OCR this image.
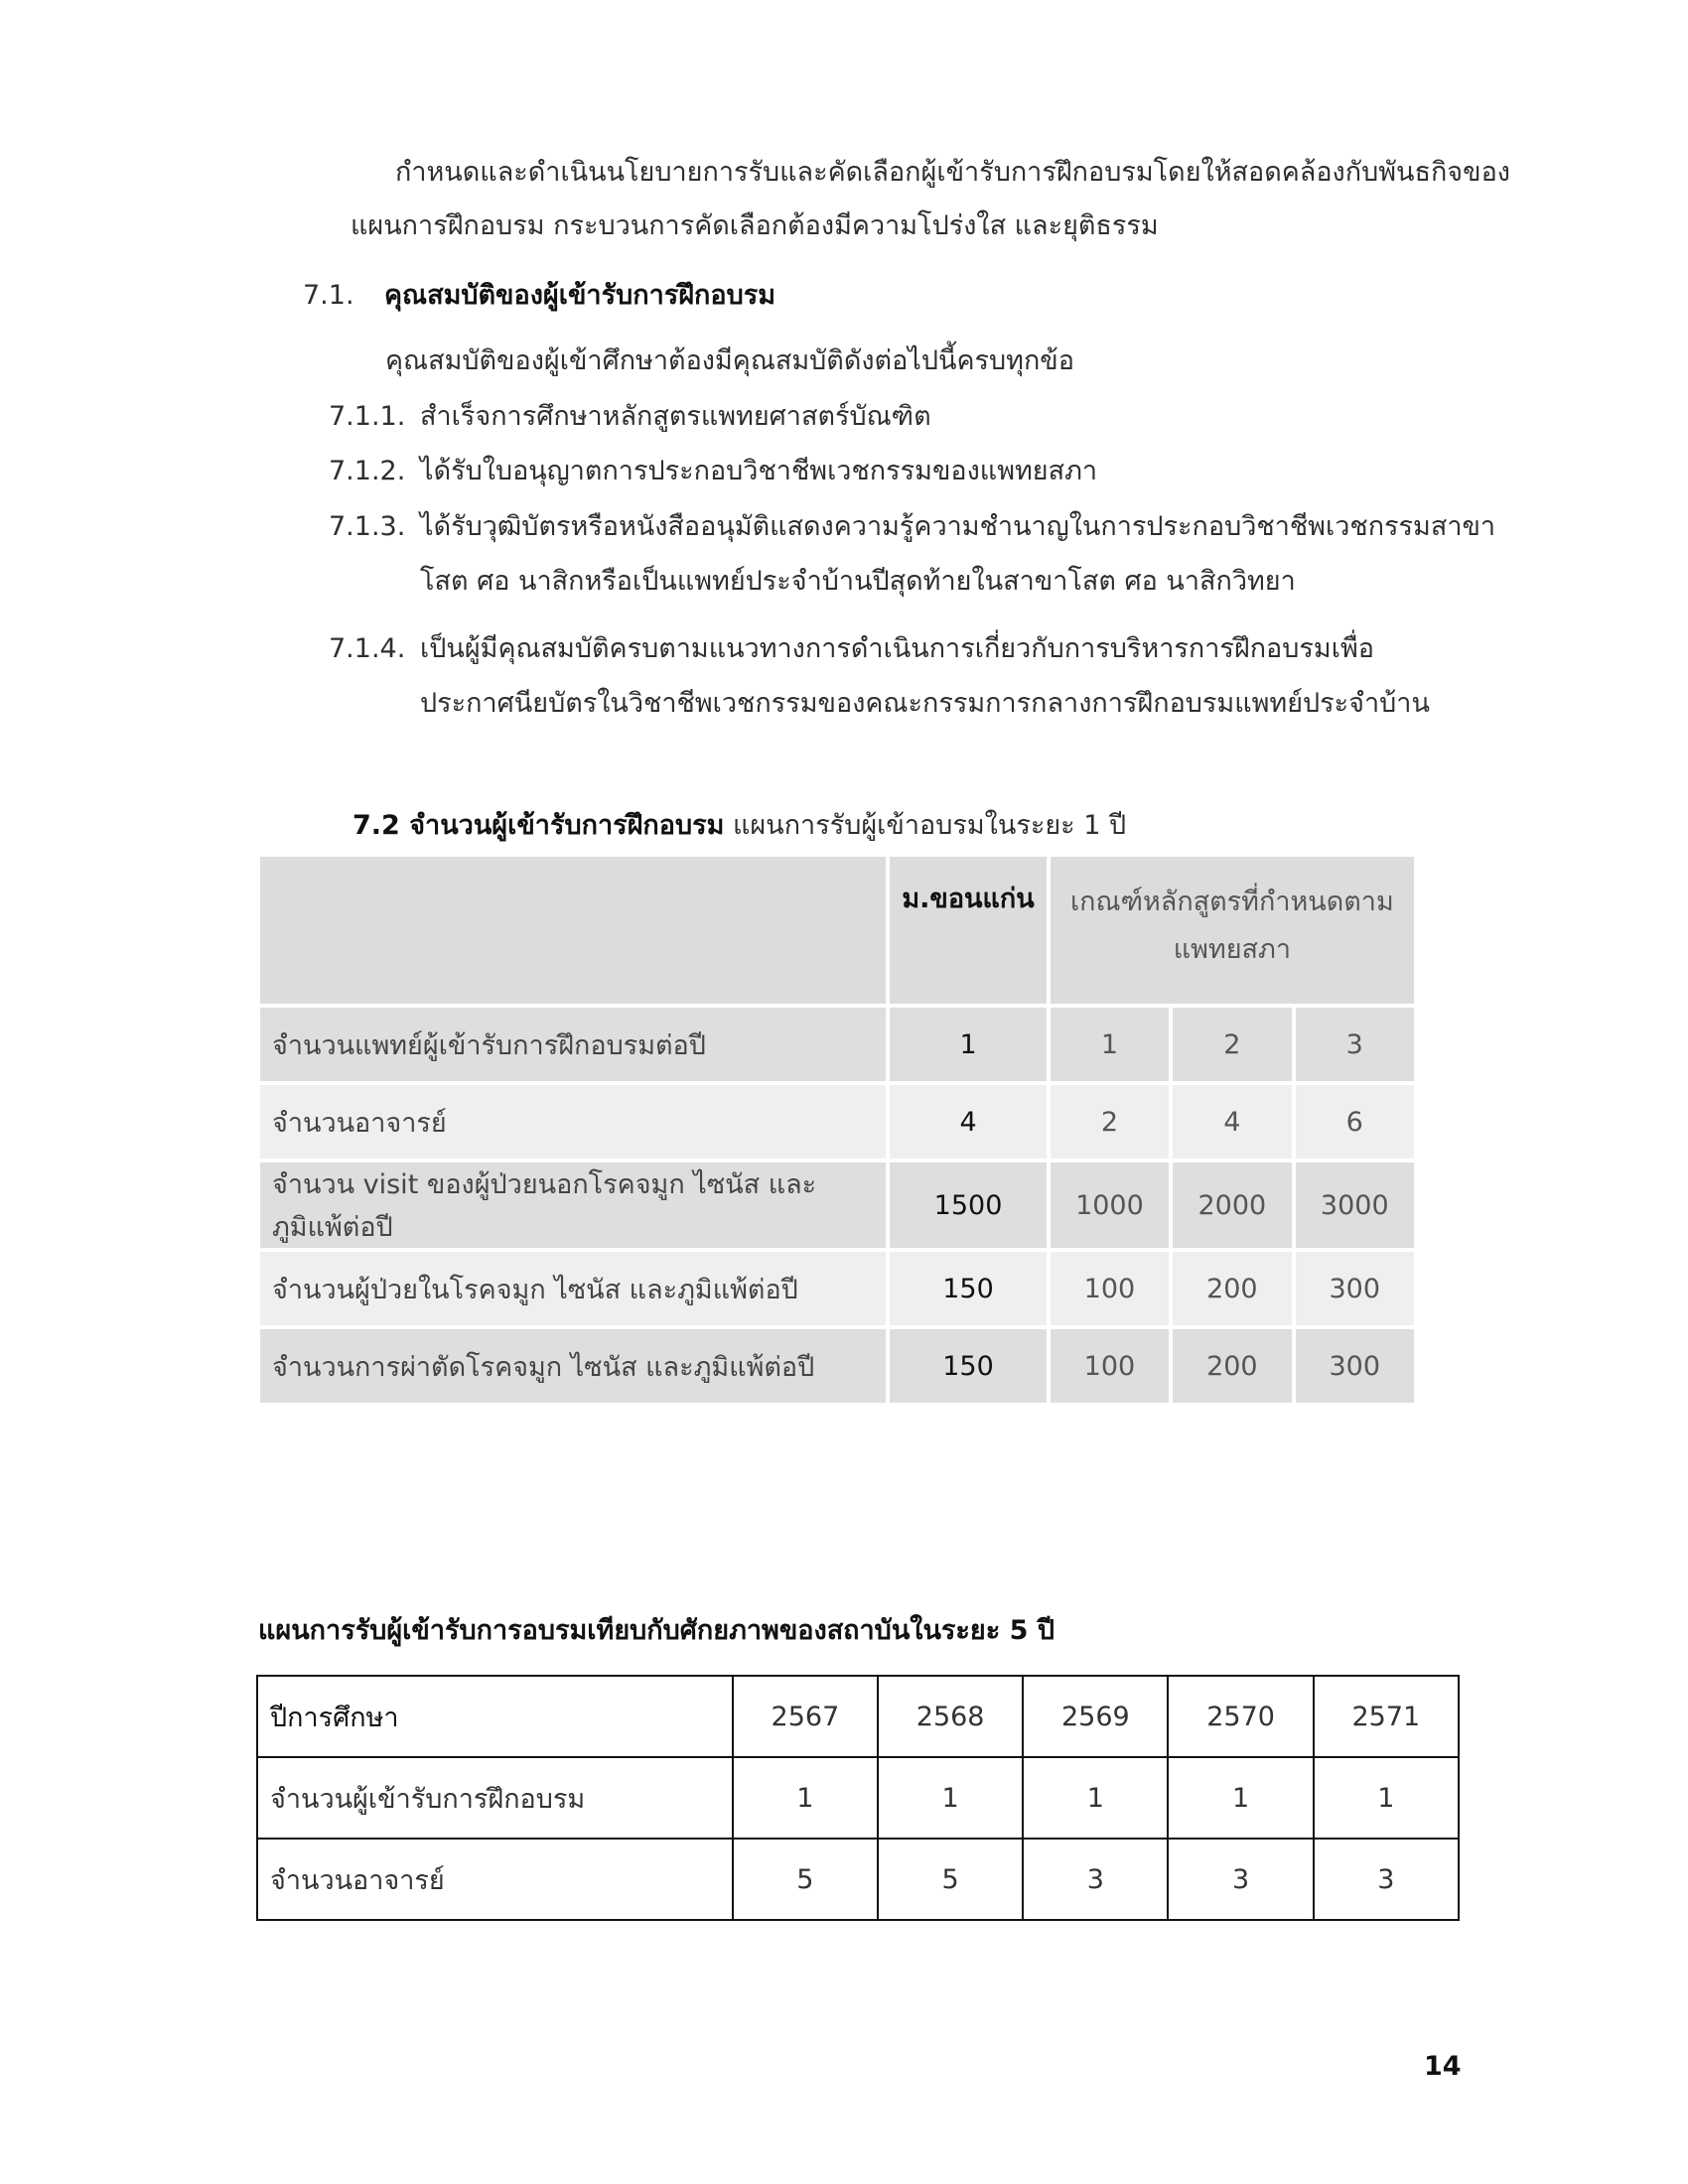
กำหนดและดำเนินนโยบายการรับและคัดเลือกผู้เข้ารับการฝึกอบรมโดยให้สอดคล้องกับพันธกิจของ
แผนการฝึกอบรม กระบวนการคัดเลือกต้องมีความโปร่งใส และยุติธรรม
7.1. คุณสมบัติของผู้เข้ารับการฝึกอบรม
คุณสมบัติของผู้เข้าศึกษาต้องมีคุณสมบัติดังต่อไปนี้ครบทุกข้อ
7.1.1. สำเร็จการศึกษาหลักสูตรแพทยศาสตร์บัณฑิต
7.1.2. ได้รับใบอนุญาตการประกอบวิชาชีพเวชกรรมของแพทยสภา
7.1.3. ได้รับวุฒิบัตรหรือหนังสืออนุมัติแสดงความรู้ความชำนาญในการประกอบวิชาชีพเวชกรรมสาขา
โสต ศอ นาสิกหรือเป็นแพทย์ประจำบ้านปีสุดท้ายในสาขาโสต ศอ นาสิกวิทยา
7.1.4. เป็นผู้มีคุณสมบัติครบตามแนวทางการดำเนินการเกี่ยวกับการบริหารการฝึกอบรมเพื่อ
ประกาศนียบัตรในวิชาชีพเวชกรรมของคณะกรรมการกลางการฝึกอบรมแพทย์ประจำบ้าน
7.2 จำนวนผู้เข้ารับการฝึกอบรม แผนการรับผู้เข้าอบรมในระยะ 1 ปี
	ม.ขอนแก่น	เกณฑ์หลักสูตรที่กำหนดตาม
แพทยสภา		

จำนวนแพทย์ผู้เข้ารับการฝึกอบรมต่อปี	1	1	2	3
จำนวนอาจารย์	4	2	4	6
จำนวน visit ของผู้ป่วยนอกโรคจมูก ไซนัส และภูมิแพ้ต่อปี	1500	1000	2000	3000
จำนวนผู้ป่วยในโรคจมูก ไซนัส และภูมิแพ้ต่อปี	150	100	200	300
จำนวนการผ่าตัดโรคจมูก ไซนัส และภูมิแพ้ต่อปี	150	100	200	300
แผนการรับผู้เข้ารับการอบรมเทียบกับศักยภาพของสถาบันในระยะ 5 ปี
ปีการศึกษา	2567	2568	2569	2570	2571
จำนวนผู้เข้ารับการฝึกอบรม	1	1	1	1	1
จำนวนอาจารย์	5	5	3	3	3
14
